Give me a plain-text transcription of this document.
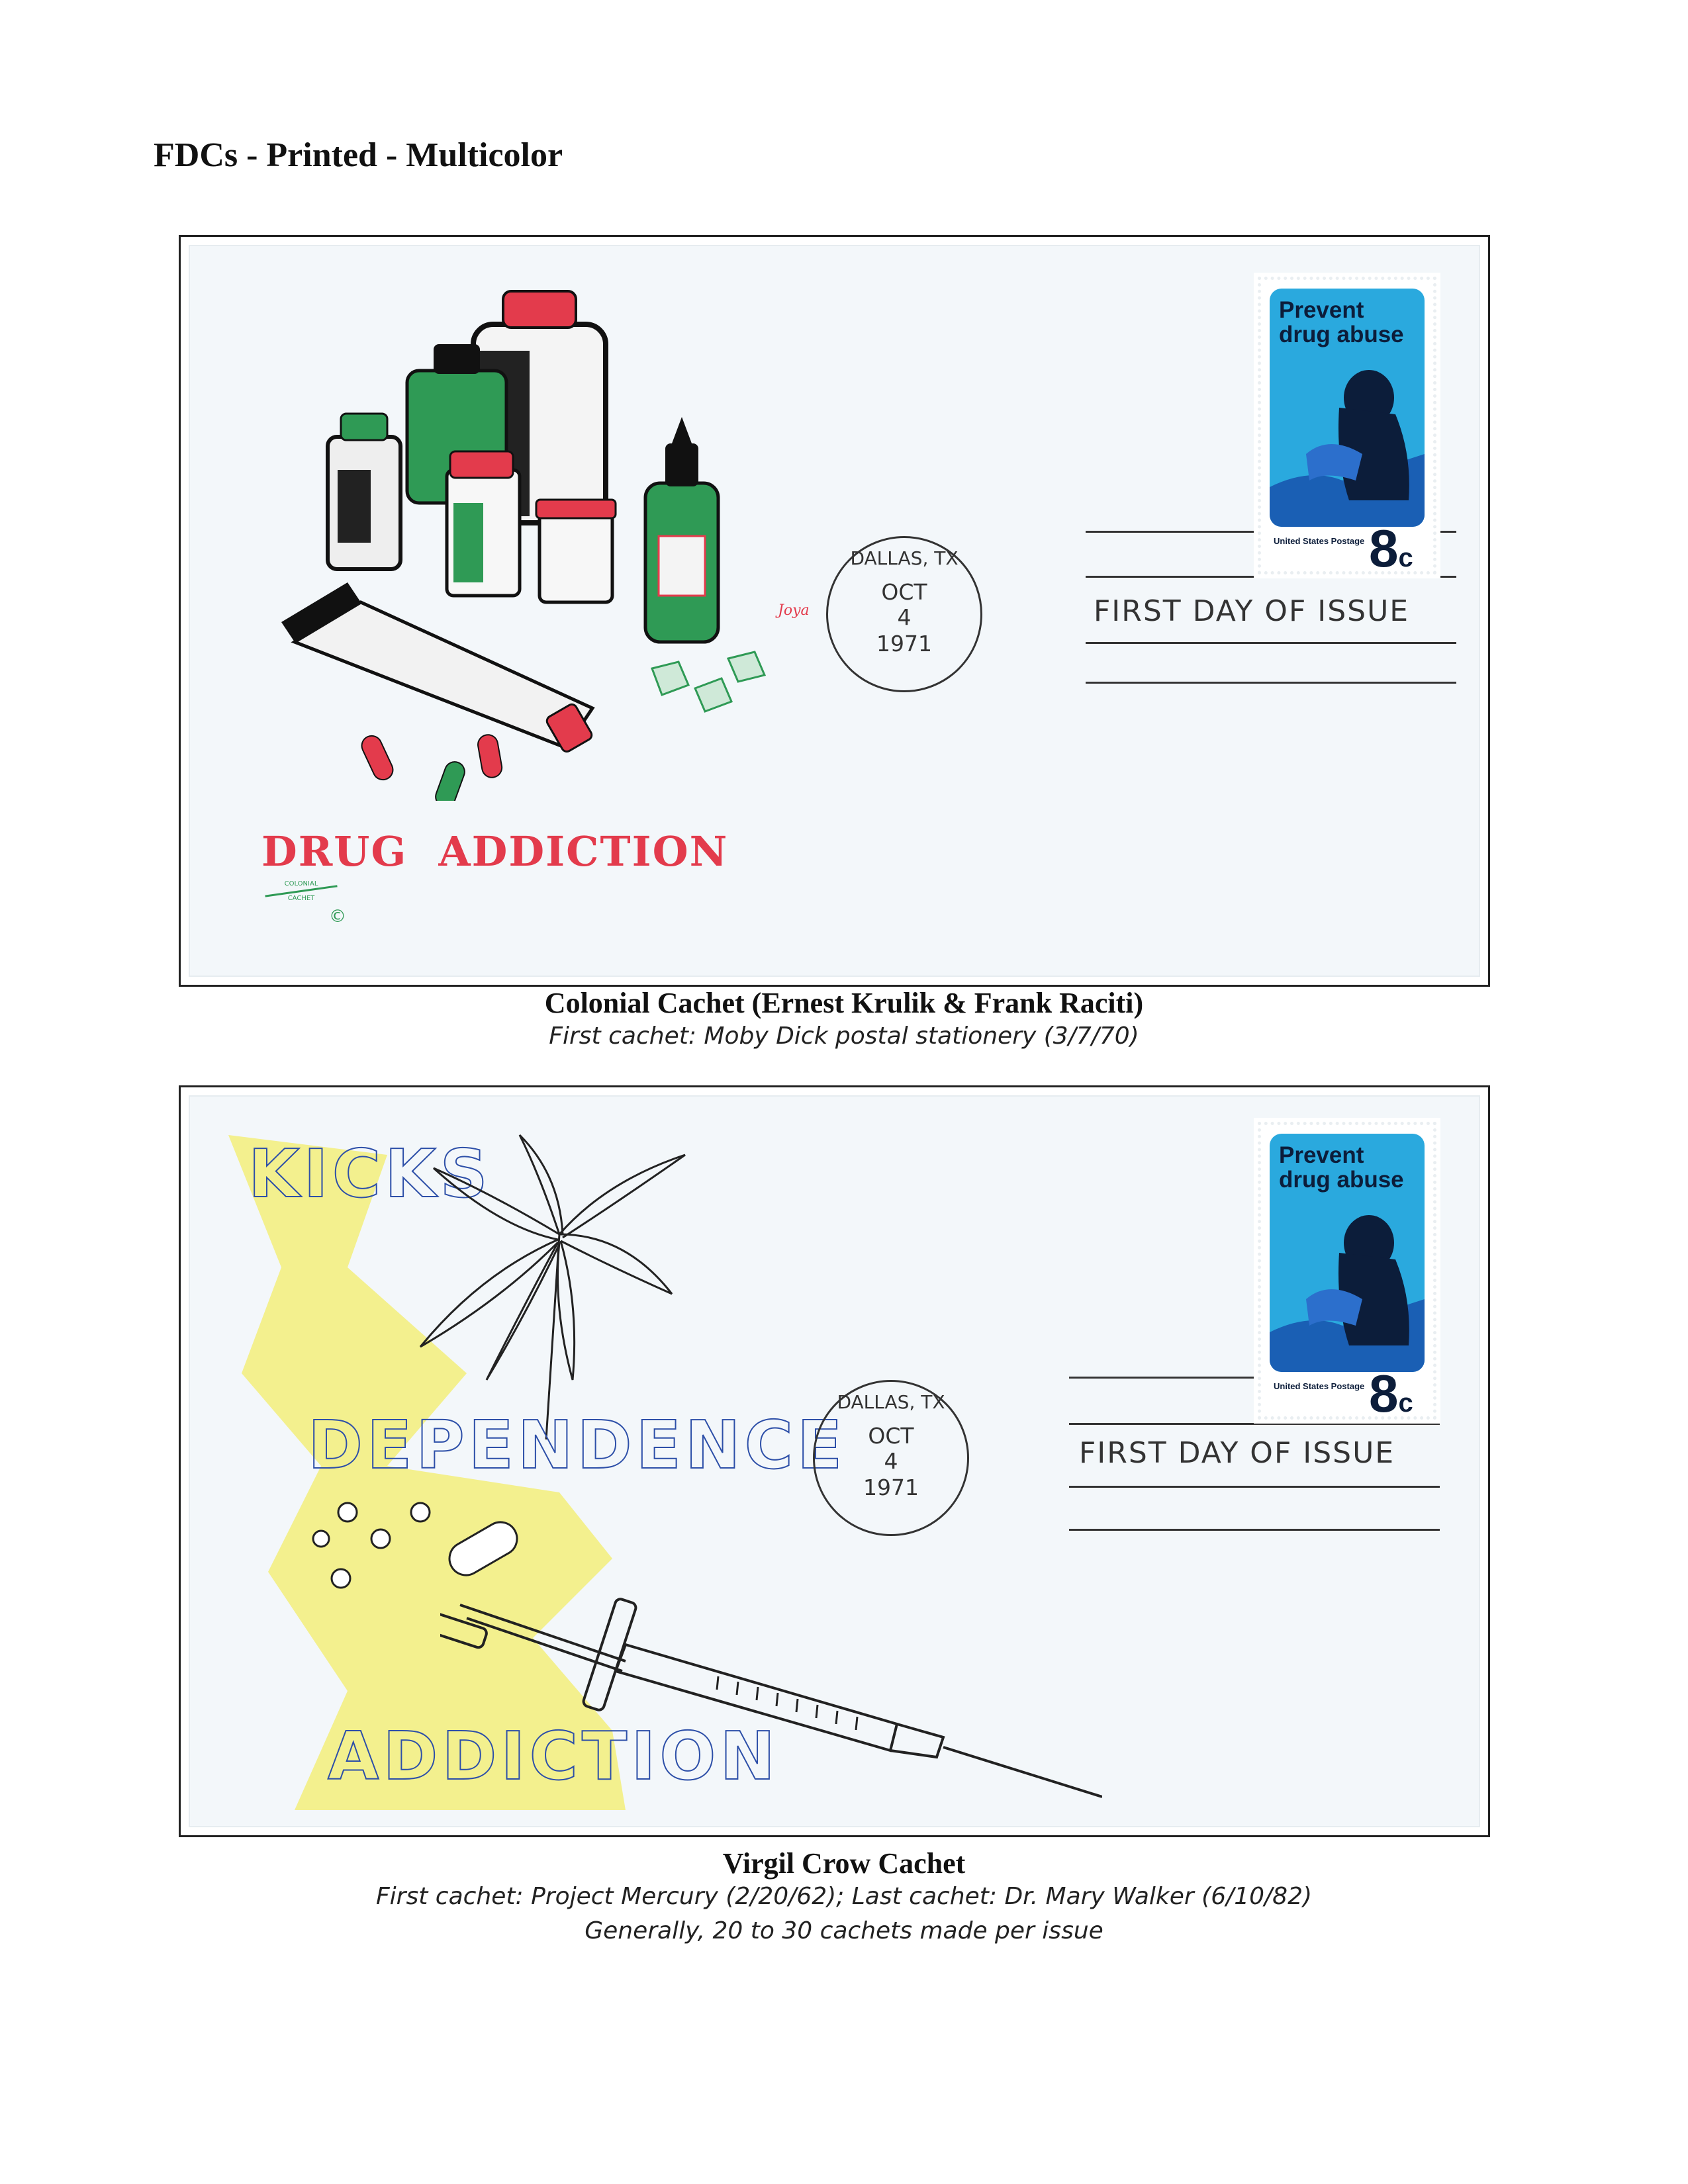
FDCs - Printed - Multicolor
Joya
DRUG  ADDICTION
COLONIAL
CACHET
©
DALLAS, TX
OCT
4
1971
FIRST DAY OF ISSUE
Prevent
drug abuse
United States Postage 8c
Colonial Cachet (Ernest Krulik & Frank Raciti)
First cachet: Moby Dick postal stationery (3/7/70)
KICKS
DEPENDENCE
ADDICTION
DALLAS, TX
OCT
4
1971
FIRST DAY OF ISSUE
Prevent
drug abuse
United States Postage 8c
Virgil Crow Cachet
First cachet: Project Mercury (2/20/62); Last cachet: Dr. Mary Walker (6/10/82)
Generally, 20 to 30 cachets made per issue
